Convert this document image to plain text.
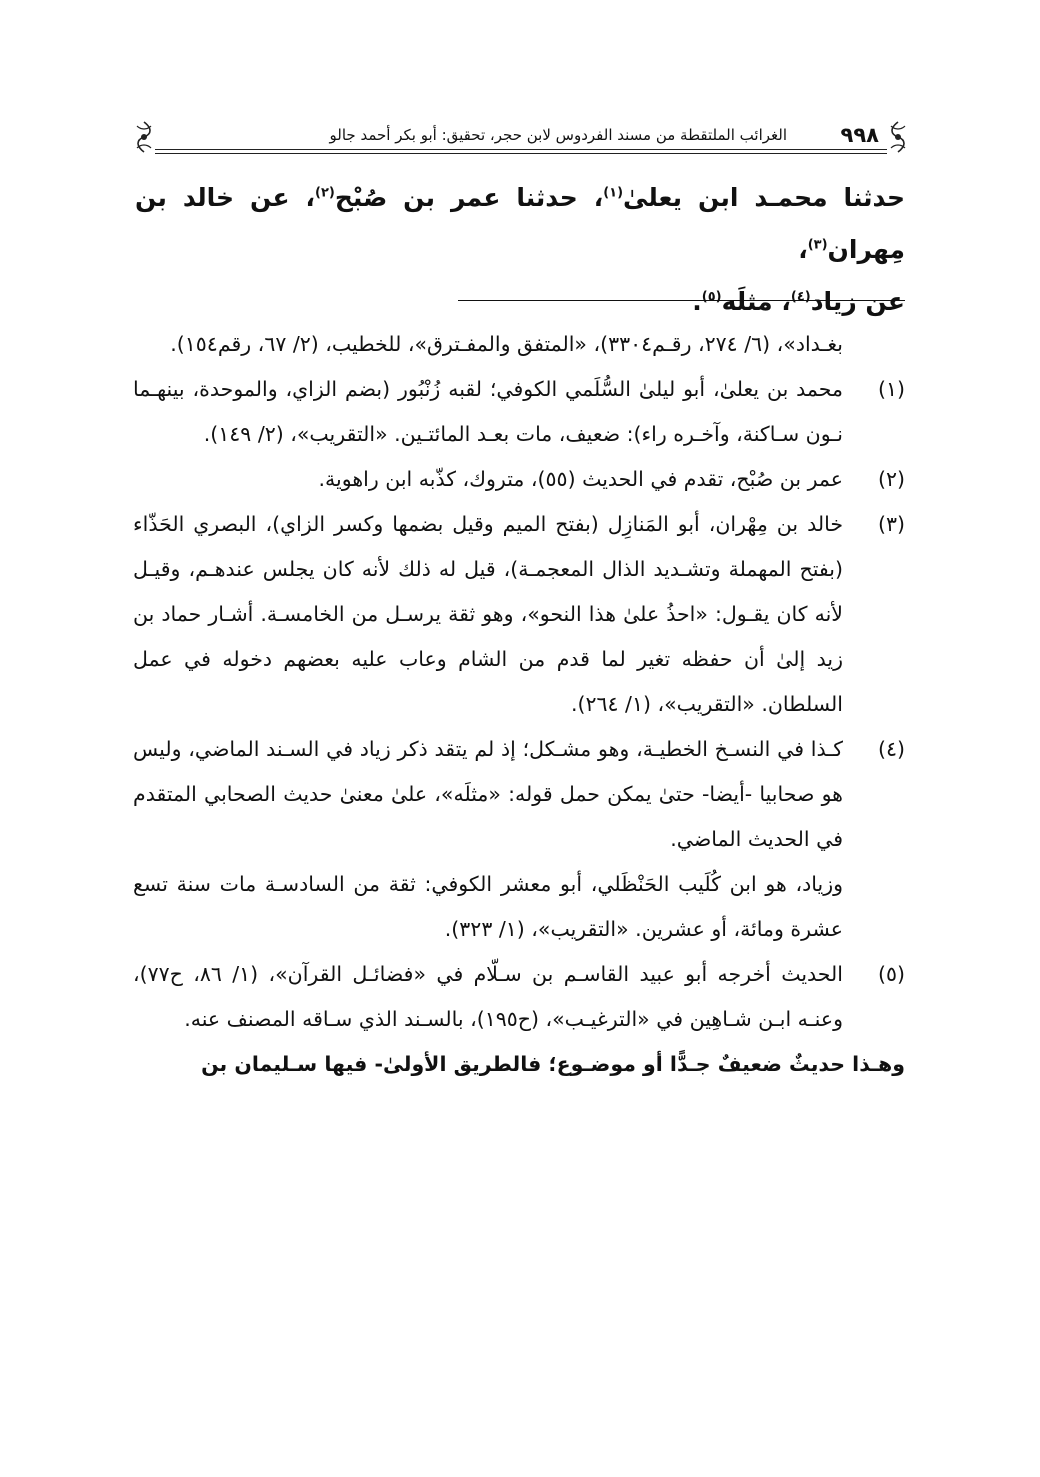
٩٩٨
الغرائب الملتقطة من مسند الفردوس لابن حجر، تحقيق: أبو بكر أحمد جالو

حدثنا محمـد ابن يعلىٰ$^{(١)}$، حدثنا عمر بن صُبْح$^{(٢)}$، عن خالد بن مِهران$^{(٣)}$،

عن زياد$^{(٤)}$، مثلَه$^{(٥)}$.

بغـداد»، (٦/ ٢٧٤، رقـم٣٣٠٤)، «المتفق والمفـترق»، للخطيب، (٢/ ٦٧، رقم١٥٤).

(١)

محمد بن يعلىٰ، أبو ليلىٰ السُّلَمي الكوفي؛ لقبه زُنْبُور (بضم الزاي، والموحدة، بينهـما نـون سـاكنة، وآخـره راء): ضعيف، مات بعـد المائتـين. «التقريب»، (٢/ ١٤٩).

(٢)

عمر بن صُبْح، تقدم في الحديث (٥٥)، متروك، كذّبه ابن راهوية.

(٣)

خالد بن مِهْران، أبو المَنازِل (بفتح الميم وقيل بضمها وكسر الزاي)، البصري الحَذّاء (بفتح المهملة وتشـديد الذال المعجمـة)، قيل له ذلك لأنه كان يجلس عندهـم، وقيـل لأنه كان يقـول: «احذُ علىٰ هذا النحو»، وهو ثقة يرسـل من الخامسـة. أشـار حماد بن زيد إلىٰ أن حفظه تغير لما قدم من الشام وعاب عليه بعضهم دخوله في عمل السلطان. «التقريب»، (١/ ٢٦٤).

(٤)

كـذا في النسـخ الخطيـة، وهو مشـكل؛ إذ لم يتقد ذكر زياد في السـند الماضي، وليس هو صحابيا -أيضا- حتىٰ يمكن حمل قوله: «مثلَه»، علىٰ معنىٰ حديث الصحابي المتقدم في الحديث الماضي.

وزياد، هو ابن كُلَيب الحَنْظَلي، أبو معشر الكوفي: ثقة من السادسـة مات سنة تسع عشرة ومائة، أو عشرين. «التقريب»، (١/ ٣٢٣).

(٥)

الحديث أخرجه أبو عبيد القاسـم بن سـلّام في «فضائـل القرآن»، (١/ ٨٦، ح٧٧)، وعنـه ابـن شـاهِين في «الترغيـب»، (ح١٩٥)، بالسـند الذي سـاقه المصنف عنه.

وهـذا حديثٌ ضعيفٌ جـدًّا أو موضـوع؛ فالطريق الأولىٰ- فيها سـليمان بن
